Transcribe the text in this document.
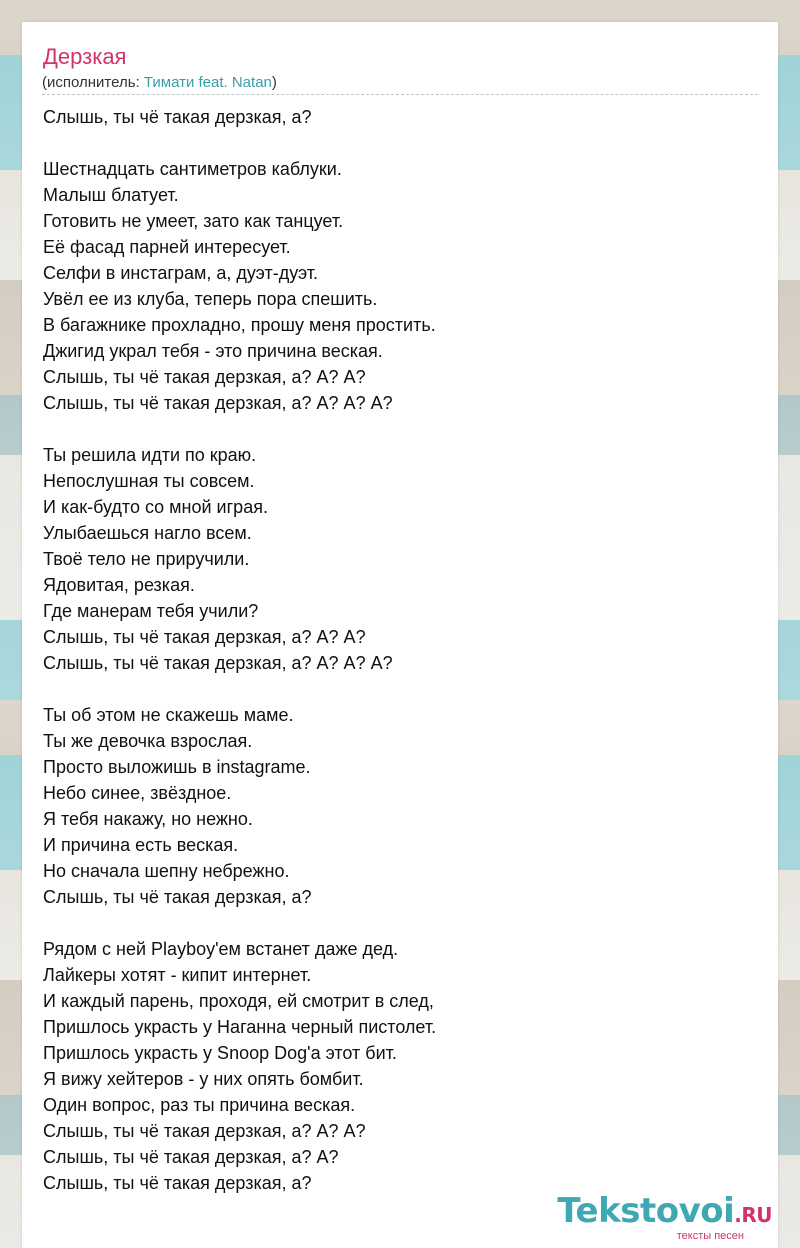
Дерзкая
(исполнитель: Тимати feat. Natan)
Слышь, ты чё такая дерзкая, а?
Шестнадцать сантиметров каблуки.
Малыш блатует.
Готовить не умеет, зато как танцует.
Её фасад парней интересует.
Селфи в инстаграм, а, дуэт-дуэт.
Увёл ее из клуба, теперь пора спешить.
В багажнике прохладно, прошу меня простить.
Джигид украл тебя - это причина веская.
Слышь, ты чё такая дерзкая, а? А? А?
Слышь, ты чё такая дерзкая, а? А? А? А?
Ты решила идти по краю.
Непослушная ты совсем.
И как-будто со мной играя.
Улыбаешься нагло всем.
Твоё тело не приручили.
Ядовитая, резкая.
Где манерам тебя учили?
Слышь, ты чё такая дерзкая, а? А? А?
Слышь, ты чё такая дерзкая, а? А? А? А?
Ты об этом не скажешь маме.
Ты же девочка взрослая.
Просто выложишь в instagrame.
Небо синее, звёздное.
Я тебя накажу, но нежно.
И причина есть веская.
Но сначала шепну небрежно.
Слышь, ты чё такая дерзкая, а?
Рядом с ней Playboy'ем встанет даже дед.
Лайкеры хотят - кипит интернет.
И каждый парень, проходя, ей смотрит в след,
Пришлось украсть у Наганна черный пистолет.
Пришлось украсть у Snoop Dog'a этот бит.
Я вижу хейтеров - у них опять бомбит.
Один вопрос, раз ты причина веская.
Слышь, ты чё такая дерзкая, а? А? А?
Слышь, ты чё такая дерзкая, а? А?
Слышь, ты чё такая дерзкая, а?
Tekstovoi.RU
тексты песен
